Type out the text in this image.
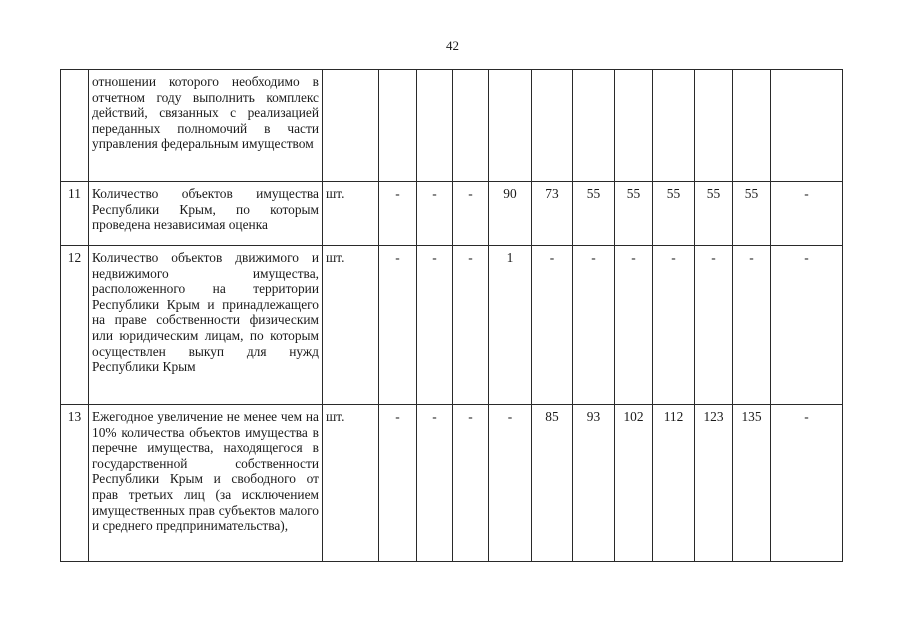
42
	отношении которого необходимо в отчетном году выполнить комплекс действий, связанных с реализацией переданных полномочий в части управления федеральным имуществом												
11	Количество объектов имущества Республики Крым, по которым проведена независимая оценка	шт.	-	-	-	90	73	55	55	55	55	55	-
12	Количество объектов движимого и недвижимого имущества, расположенного на территории Республики Крым и принадлежащего на праве собственности физическим или юридическим лицам, по которым осуществлен выкуп для нужд Республики Крым	шт.	-	-	-	1	-	-	-	-	-	-	-
13	Ежегодное увеличение не менее чем на 10% количества объектов имущества в перечне имущества, находящегося в государственной собственности Республики Крым и свободного от прав третьих лиц (за исключением имущественных прав субъектов малого и среднего предпринимательства),	шт.	-	-	-	-	85	93	102	112	123	135	-
